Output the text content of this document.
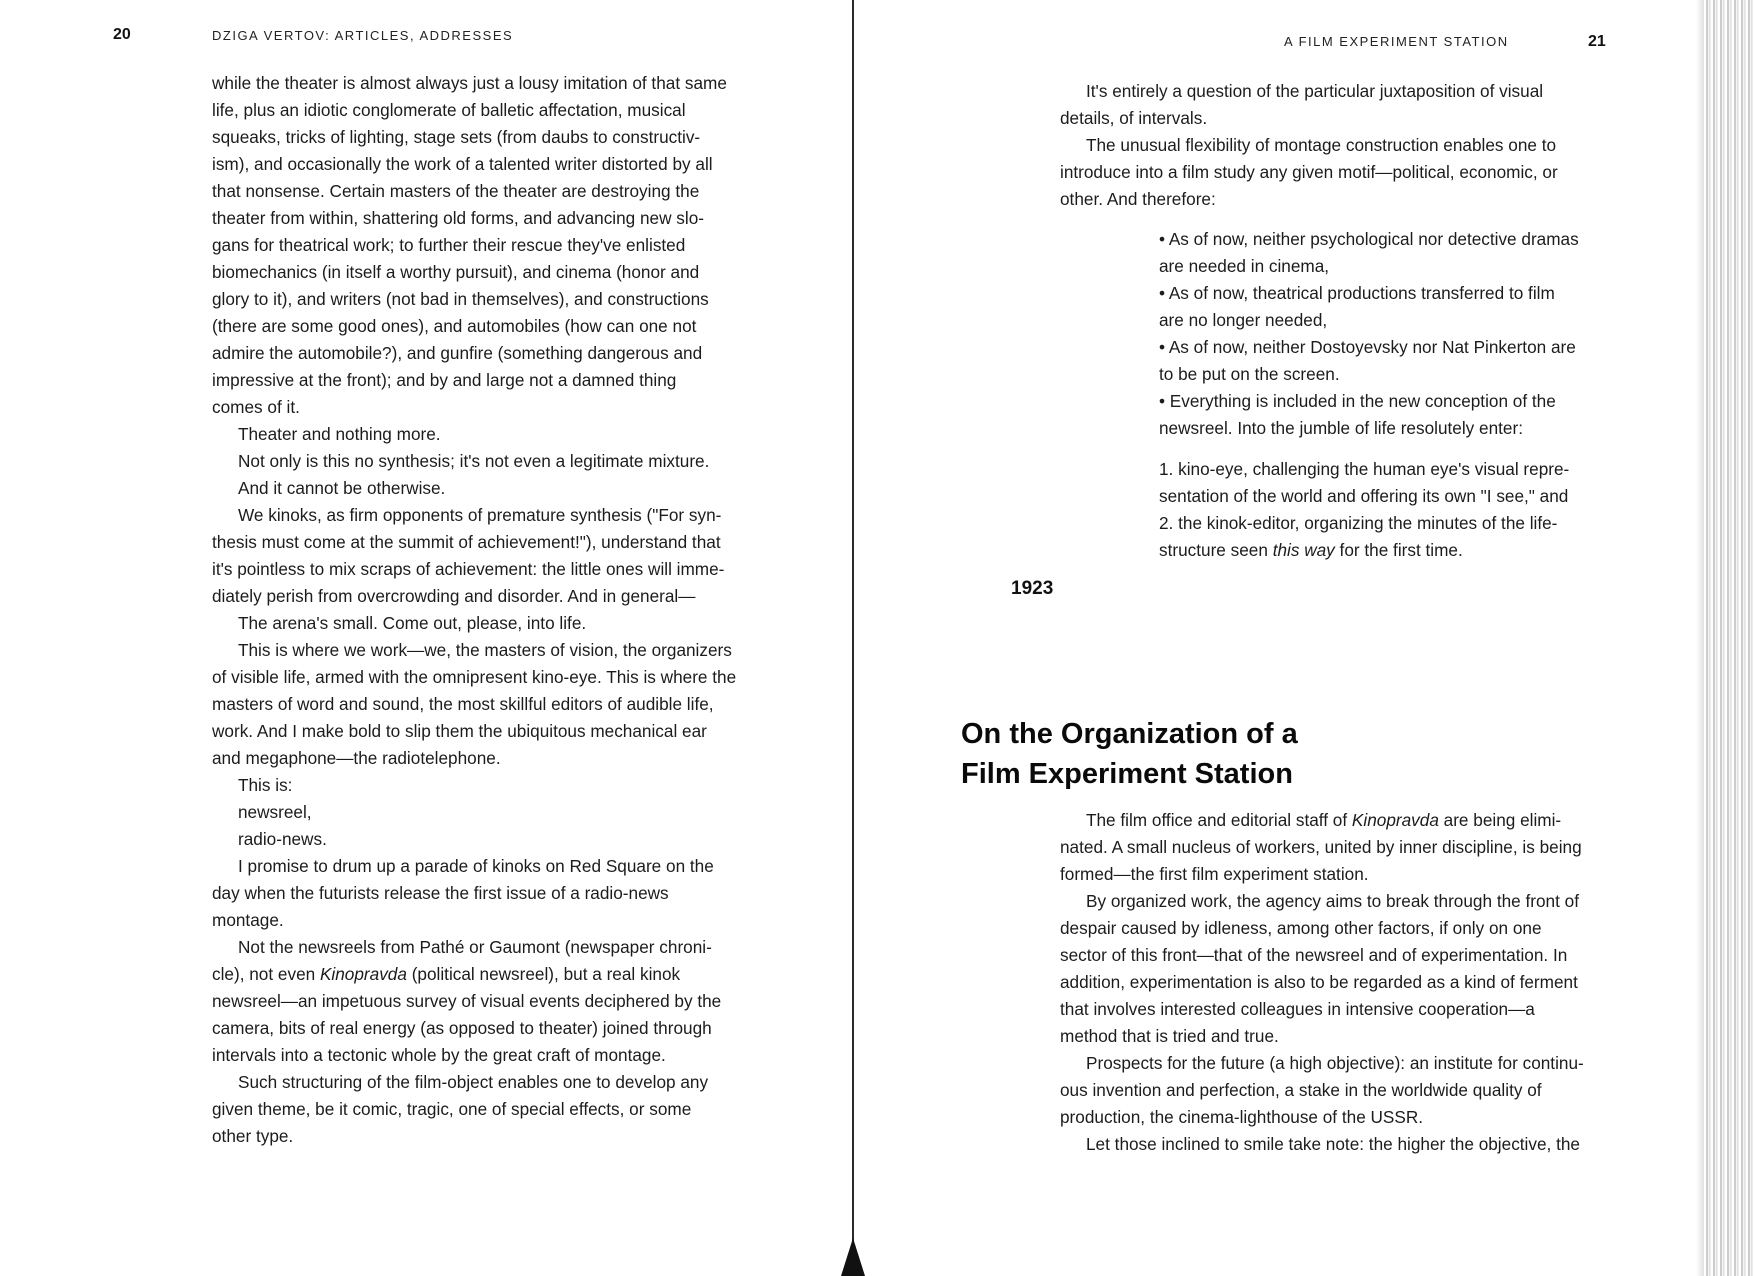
20	DZIGA VERTOV: ARTICLES, ADDRESSES

while the theater is almost always just a lousy imitation of that same

life, plus an idiotic conglomerate of balletic affectation, musical

squeaks, tricks of lighting, stage sets (from daubs to constructiv-

ism), and occasionally the work of a talented writer distorted by all

that nonsense. Certain masters of the theater are destroying the

theater from within, shattering old forms, and advancing new slo-

gans for theatrical work; to further their rescue they've enlisted

biomechanics (in itself a worthy pursuit), and cinema (honor and

glory to it), and writers (not bad in themselves), and constructions

(there are some good ones), and automobiles (how can one not

admire the automobile?), and gunfire (something dangerous and

impressive at the front); and by and large not a damned thing

comes of it.

Theater and nothing more.

Not only is this no synthesis; it's not even a legitimate mixture.

And it cannot be otherwise.

We kinoks, as firm opponents of premature synthesis ("For syn-

thesis must come at the summit of achievement!"), understand that

it's pointless to mix scraps of achievement: the little ones will imme-

diately perish from overcrowding and disorder. And in general—

The arena's small. Come out, please, into life.

This is where we work—we, the masters of vision, the organizers

of visible life, armed with the omnipresent kino-eye. This is where the

masters of word and sound, the most skillful editors of audible life,

work. And I make bold to slip them the ubiquitous mechanical ear

and megaphone—the radiotelephone.

This is:

newsreel,

radio-news.

I promise to drum up a parade of kinoks on Red Square on the

day when the futurists release the first issue of a radio-news

montage.

Not the newsreels from Pathé or Gaumont (newspaper chroni-

cle), not even Kinopravda (political newsreel), but a real kinok

newsreel—an impetuous survey of visual events deciphered by the

camera, bits of real energy (as opposed to theater) joined through

intervals into a tectonic whole by the great craft of montage.

Such structuring of the film-object enables one to develop any

given theme, be it comic, tragic, one of special effects, or some

other type.

A FILM EXPERIMENT STATION	21

It's entirely a question of the particular juxtaposition of visual

details, of intervals.

The unusual flexibility of montage construction enables one to

introduce into a film study any given motif—political, economic, or

other. And therefore:

• As of now, neither psychological nor detective dramas

are needed in cinema,

• As of now, theatrical productions transferred to film

are no longer needed,

• As of now, neither Dostoyevsky nor Nat Pinkerton are

to be put on the screen.

• Everything is included in the new conception of the

newsreel. Into the jumble of life resolutely enter:

1. kino-eye, challenging the human eye's visual repre-

sentation of the world and offering its own "I see," and

2. the kinok-editor, organizing the minutes of the life-

structure seen this way for the first time.

1923
On the Organization of a
Film Experiment Station

The film office and editorial staff of Kinopravda are being elimi-

nated. A small nucleus of workers, united by inner discipline, is being

formed—the first film experiment station.

By organized work, the agency aims to break through the front of

despair caused by idleness, among other factors, if only on one

sector of this front—that of the newsreel and of experimentation. In

addition, experimentation is also to be regarded as a kind of ferment

that involves interested colleagues in intensive cooperation—a

method that is tried and true.

Prospects for the future (a high objective): an institute for continu-

ous invention and perfection, a stake in the worldwide quality of

production, the cinema-lighthouse of the USSR.

Let those inclined to smile take note: the higher the objective, the
